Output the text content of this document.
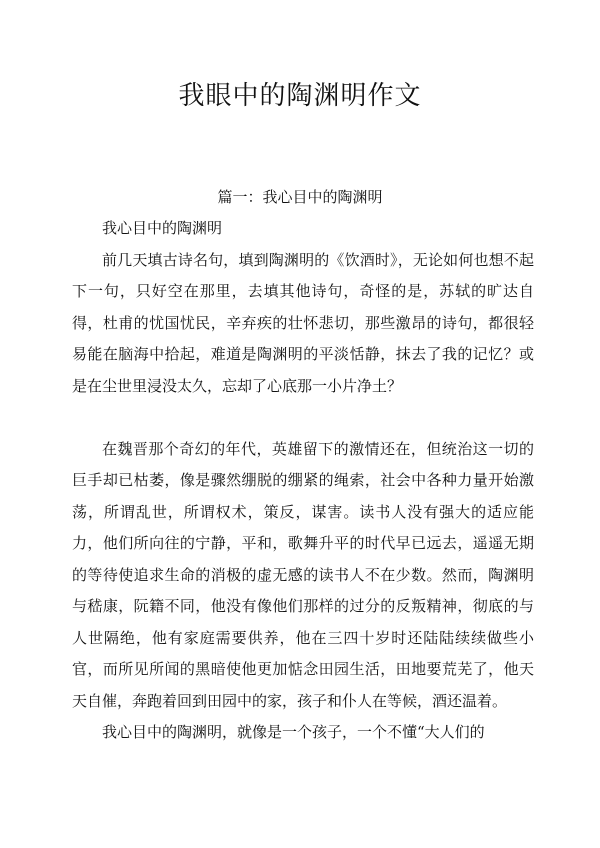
我眼中的陶渊明作文
篇一：我心目中的陶渊明

我心目中的陶渊明

前几天填古诗名句，填到陶渊明的《饮酒时》，无论如何也想不起下一句，只好空在那里，去填其他诗句，奇怪的是，苏轼的旷达自得，杜甫的忧国忧民，辛弃疾的壮怀悲切，那些激昂的诗句，都很轻易能在脑海中拾起，难道是陶渊明的平淡恬静，抹去了我的记忆？或是在尘世里浸没太久，忘却了心底那一小片净土？

在魏晋那个奇幻的年代，英雄留下的激情还在，但统治这一切的巨手却已枯萎，像是骤然绷脱的绷紧的绳索，社会中各种力量开始激荡，所谓乱世，所谓权术，策反，谋害。读书人没有强大的适应能力，他们所向往的宁静，平和，歌舞升平的时代早已远去，遥遥无期的等待使追求生命的消极的虚无感的读书人不在少数。然而，陶渊明与嵇康，阮籍不同，他没有像他们那样的过分的反叛精神，彻底的与人世隔绝，他有家庭需要供养，他在三四十岁时还陆陆续续做些小官，而所见所闻的黑暗使他更加惦念田园生活，田地要荒芜了，他天天自催，奔跑着回到田园中的家，孩子和仆人在等候，酒还温着。

我心目中的陶渊明，就像是一个孩子，一个不懂“大人们的
